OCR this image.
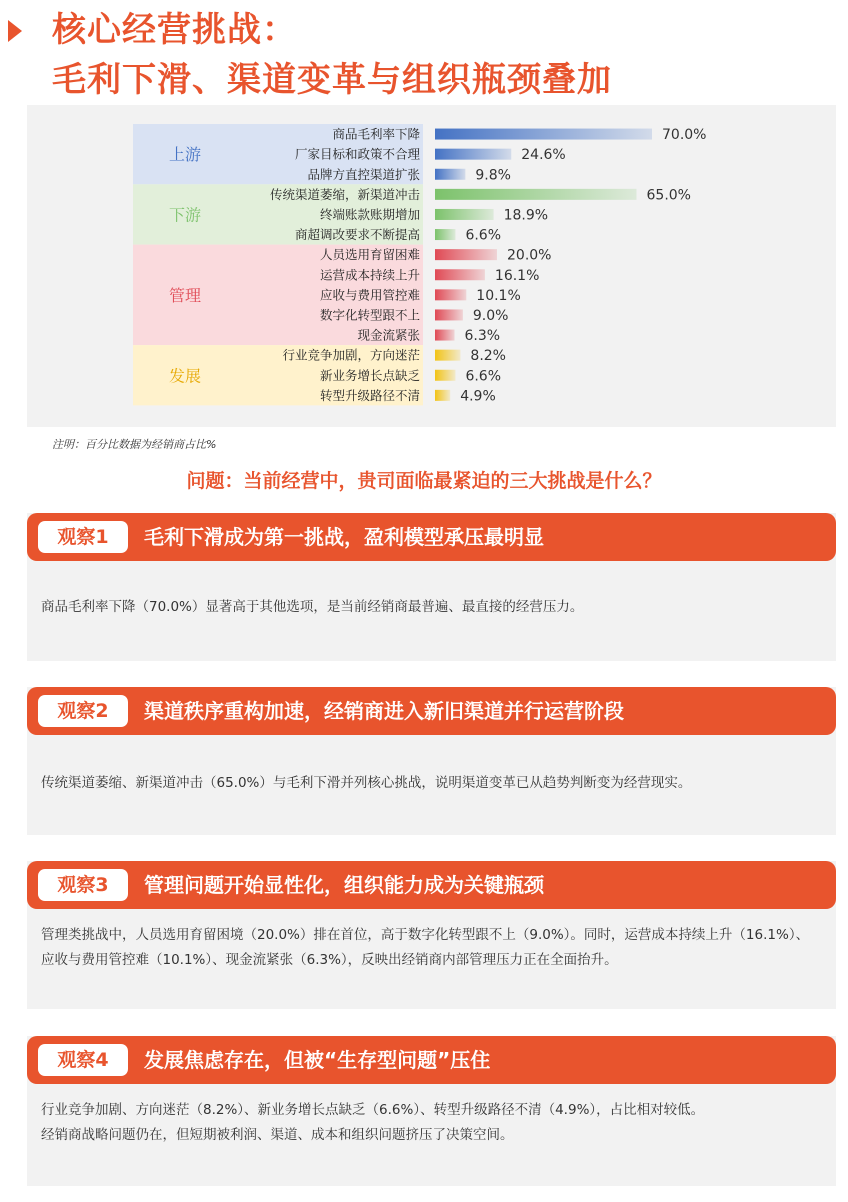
核心经营挑战：
毛利下滑、渠道变革与组织瓶颈叠加
上游
商品毛利率下降	70.0%
厂家目标和政策不合理	24.6%
品牌方直控渠道扩张	9.8%
下游
传统渠道萎缩，新渠道冲击	65.0%
终端账款账期增加	18.9%
商超调改要求不断提高	6.6%
管理
人员选用育留困难	20.0%
运营成本持续上升	16.1%
应收与费用管控难	10.1%
数字化转型跟不上	9.0%
现金流紧张	6.3%
发展
行业竞争加剧，方向迷茫	8.2%
新业务增长点缺乏	6.6%
转型升级路径不清	4.9%
注明：百分比数据为经销商占比%
问题：当前经营中，贵司面临最紧迫的三大挑战是什么？
观察1	毛利下滑成为第一挑战，盈利模型承压最明显

商品毛利率下降（70.0%）显著高于其他选项，是当前经销商最普遍、最直接的经营压力。

观察2	渠道秩序重构加速，经销商进入新旧渠道并行运营阶段

传统渠道萎缩、新渠道冲击（65.0%）与毛利下滑并列核心挑战，说明渠道变革已从趋势判断变为经营现实。

观察3	管理问题开始显性化，组织能力成为关键瓶颈

管理类挑战中，人员选用育留困境（20.0%）排在首位，高于数字化转型跟不上（9.0%）。同时，运营成本持续上升（16.1%）、应收与费用管控难（10.1%）、现金流紧张（6.3%），反映出经销商内部管理压力正在全面抬升。

观察4	发展焦虑存在，但被“生存型问题”压住

行业竞争加剧、方向迷茫（8.2%）、新业务增长点缺乏（6.6%）、转型升级路径不清（4.9%），占比相对较低。

经销商战略问题仍在，但短期被利润、渠道、成本和组织问题挤压了决策空间。
